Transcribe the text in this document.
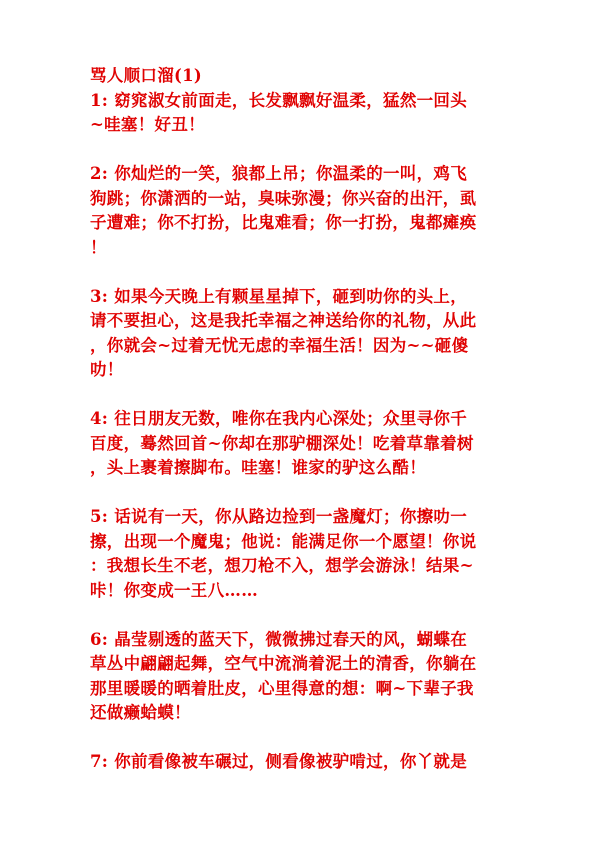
骂人顺口溜(1)
1: 窈窕淑女前面走，长发飘飘好温柔，猛然一回头
~哇塞！好丑！
2: 你灿烂的一笑，狼都上吊；你温柔的一叫，鸡飞
狗跳；你潇洒的一站，臭味弥漫；你兴奋的出汗，虱
子遭难；你不打扮，比鬼难看；你一打扮，鬼都瘫痪
！
3: 如果今天晚上有颗星星掉下，砸到叻你的头上，
请不要担心，这是我托幸福之神送给你的礼物，从此
，你就会~过着无忧无虑的幸福生活！因为~~砸傻
叻！
4: 往日朋友无数，唯你在我内心深处；众里寻你千
百度，蓦然回首~你却在那驴棚深处！吃着草靠着树
，头上裹着擦脚布。哇塞！谁家的驴这么酷！
5: 话说有一天，你从路边捡到一盏魔灯；你擦叻一
擦，出现一个魔鬼；他说：能满足你一个愿望！你说
：我想长生不老，想刀枪不入，想学会游泳！结果~
咔！你变成一王八……
6: 晶莹剔透的蓝天下，微微拂过春天的风，蝴蝶在
草丛中翩翩起舞，空气中流淌着泥土的清香，你躺在
那里暖暖的晒着肚皮，心里得意的想：啊~下辈子我
还做癞蛤蟆！
7: 你前看像被车碾过，侧看像被驴啃过，你丫就是
